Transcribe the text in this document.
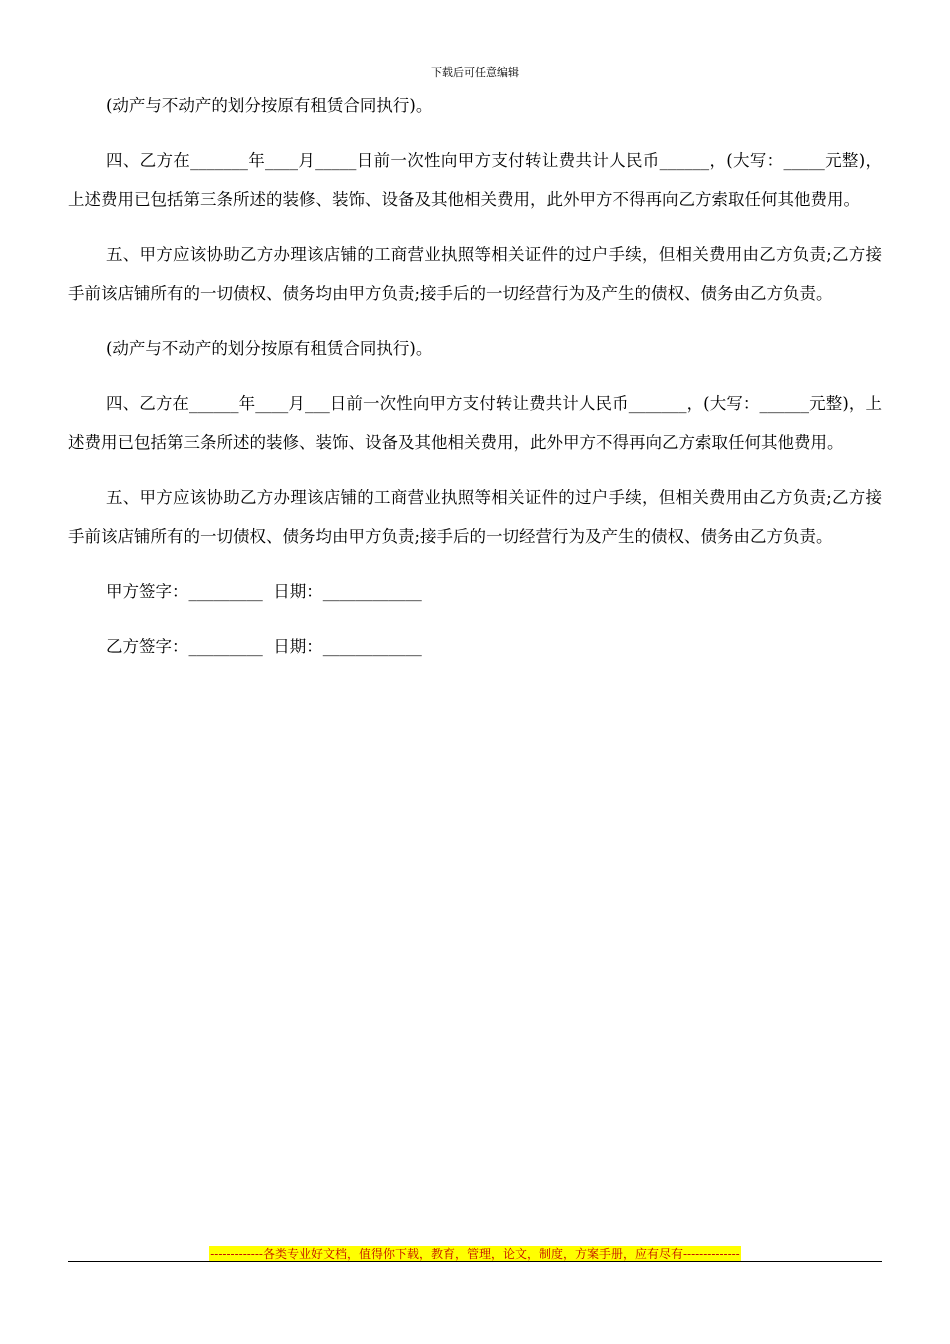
下载后可任意编辑

(动产与不动产的划分按原有租赁合同执行)。

四、乙方在_______年____月_____日前一次性向甲方支付转让费共计人民币______，(大写：_____元整)，上述费用已包括第三条所述的装修、装饰、设备及其他相关费用，此外甲方不得再向乙方索取任何其他费用。

五、甲方应该协助乙方办理该店铺的工商营业执照等相关证件的过户手续，但相关费用由乙方负责;乙方接手前该店铺所有的一切债权、债务均由甲方负责;接手后的一切经营行为及产生的债权、债务由乙方负责。

(动产与不动产的划分按原有租赁合同执行)。

四、乙方在______年____月___日前一次性向甲方支付转让费共计人民币_______，(大写：______元整)，上述费用已包括第三条所述的装修、装饰、设备及其他相关费用，此外甲方不得再向乙方索取任何其他费用。

五、甲方应该协助乙方办理该店铺的工商营业执照等相关证件的过户手续，但相关费用由乙方负责;乙方接手前该店铺所有的一切债权、债务均由甲方负责;接手后的一切经营行为及产生的债权、债务由乙方负责。

甲方签字：_________  日期：____________

乙方签字：_________  日期：____________

-------------各类专业好文档，值得你下载，教育，管理，论文，制度，方案手册，应有尽有--------------
